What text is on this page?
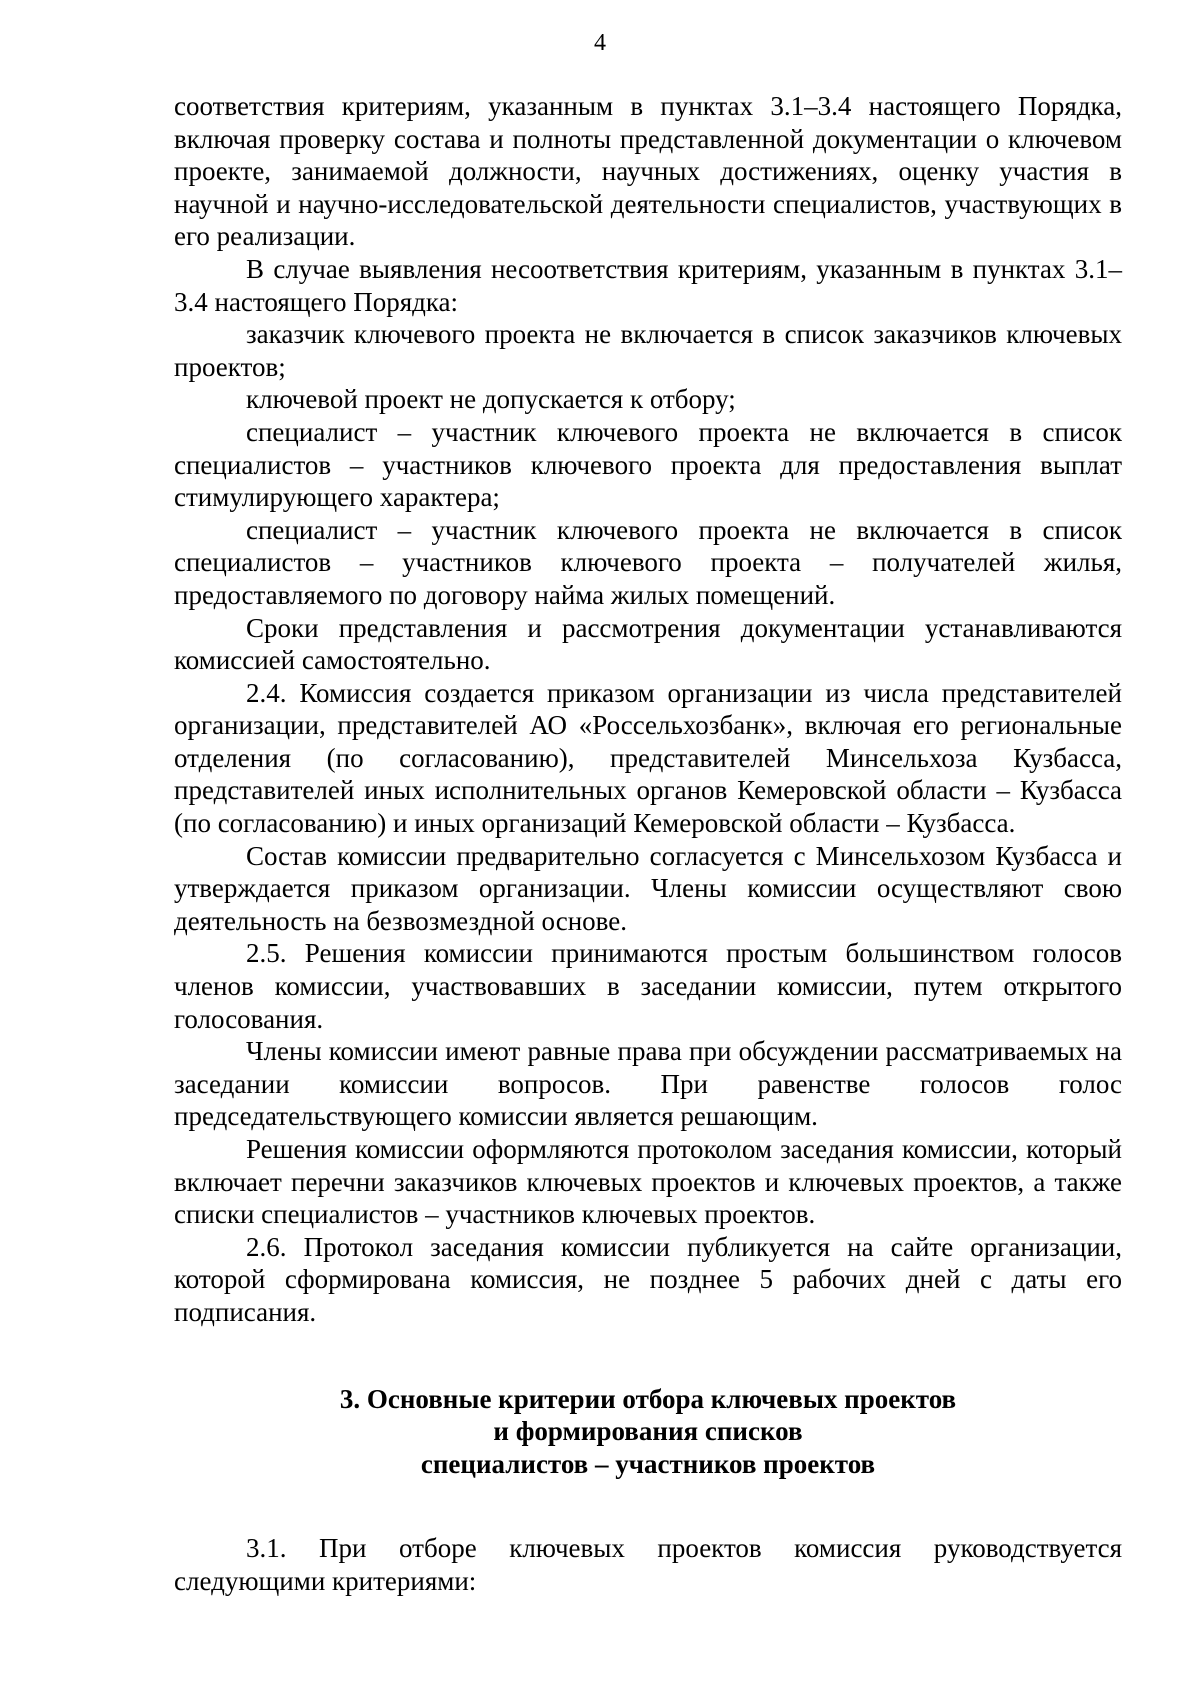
4

соответствия критериям, указанным в пунктах 3.1–3.4 настоящего Порядка, включая проверку состава и полноты представленной документации о ключевом проекте, занимаемой должности, научных достижениях, оценку участия в научной и научно-исследовательской деятельности специалистов, участвующих в его реализации.

В случае выявления несоответствия критериям, указанным в пунктах 3.1–3.4 настоящего Порядка:

заказчик ключевого проекта не включается в список заказчиков ключевых проектов;

ключевой проект не допускается к отбору;

специалист – участник ключевого проекта не включается в список специалистов – участников ключевого проекта для предоставления выплат стимулирующего характера;

специалист – участник ключевого проекта не включается в список специалистов – участников ключевого проекта – получателей жилья, предоставляемого по договору найма жилых помещений.

Сроки представления и рассмотрения документации устанавливаются комиссией самостоятельно.

2.4. Комиссия создается приказом организации из числа представителей организации, представителей АО «Россельхозбанк», включая его региональные отделения (по согласованию), представителей Минсельхоза Кузбасса, представителей иных исполнительных органов Кемеровской области – Кузбасса (по согласованию) и иных организаций Кемеровской области – Кузбасса.

Состав комиссии предварительно согласуется с Минсельхозом Кузбасса и утверждается приказом организации. Члены комиссии осуществляют свою деятельность на безвозмездной основе.

2.5. Решения комиссии принимаются простым большинством голосов членов комиссии, участвовавших в заседании комиссии, путем открытого голосования.

Члены комиссии имеют равные права при обсуждении рассматриваемых на заседании комиссии вопросов. При равенстве голосов голос председательствующего комиссии является решающим.

Решения комиссии оформляются протоколом заседания комиссии, который включает перечни заказчиков ключевых проектов и ключевых проектов, а также списки специалистов – участников ключевых проектов.

2.6. Протокол заседания комиссии публикуется на сайте организации, которой сформирована комиссия, не позднее 5 рабочих дней с даты его подписания.

3. Основные критерии отбора ключевых проектов
и формирования списков
специалистов – участников проектов

3.1. При отборе ключевых проектов комиссия руководствуется следующими критериями:
